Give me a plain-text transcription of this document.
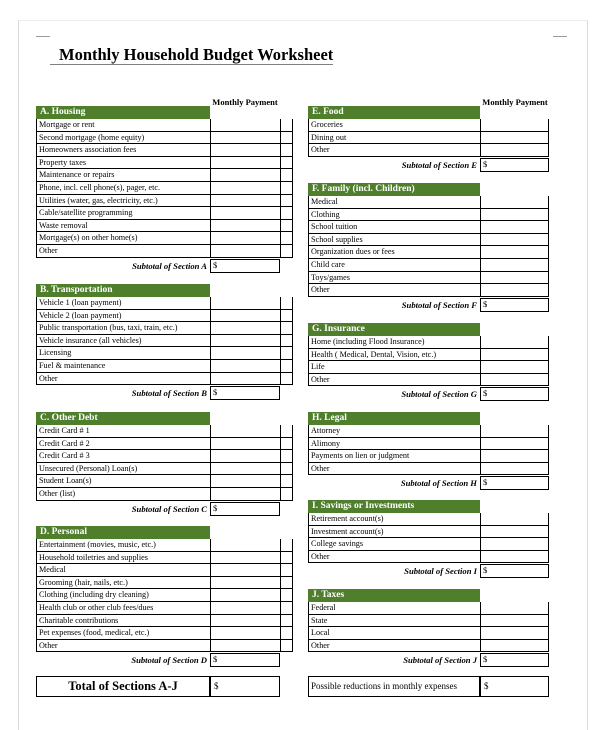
Monthly Household Budget Worksheet
Monthly Payment	Monthly Payment
A. Housing
Mortgage or rent
Second mortgage (home equity)
Homeowners association fees
Property taxes
Maintenance or repairs
Phone, incl. cell phone(s), pager, etc.
Utilities (water, gas, electricity, etc.)
Cable/satellite programming
Waste removal
Mortgage(s) on other home(s)
Other
Subtotal of Section A $
B. Transportation
Vehicle 1 (loan payment)
Vehicle 2 (loan payment)
Public transportation (bus, taxi, train, etc.)
Vehicle insurance (all vehicles)
Licensing
Fuel & maintenance
Other
Subtotal of Section B $
C. Other Debt
Credit Card # 1
Credit Card # 2
Credit Card # 3
Unsecured (Personal) Loan(s)
Student Loan(s)
Other (list)
Subtotal of Section C $
D. Personal
Entertainment (movies, music, etc.)
Household toiletries and supplies
Medical
Grooming (hair, nails, etc.)
Clothing (including dry cleaning)
Health club or other club fees/dues
Charitable contributions
Pet expenses (food, medical, etc.)
Other
Subtotal of Section D $
E. Food
Groceries
Dining out
Other
Subtotal of Section E $
F. Family (incl. Children)
Medical
Clothing
School tuition
School supplies
Organization dues or fees
Child care
Toys/games
Other
Subtotal of Section F $
G. Insurance
Home (including Flood Insurance)
Health ( Medical, Dental, Vision, etc.)
Life
Other
Subtotal of Section G $
H. Legal
Attorney
Alimony
Payments on lien or judgment
Other
Subtotal of Section H $
I. Savings or Investments
Retirement account(s)
Investment account(s)
College savings
Other
Subtotal of Section I $
J. Taxes
Federal
State
Local
Other
Subtotal of Section J $
Total of Sections A-J	$	Possible reductions in monthly expenses	$
